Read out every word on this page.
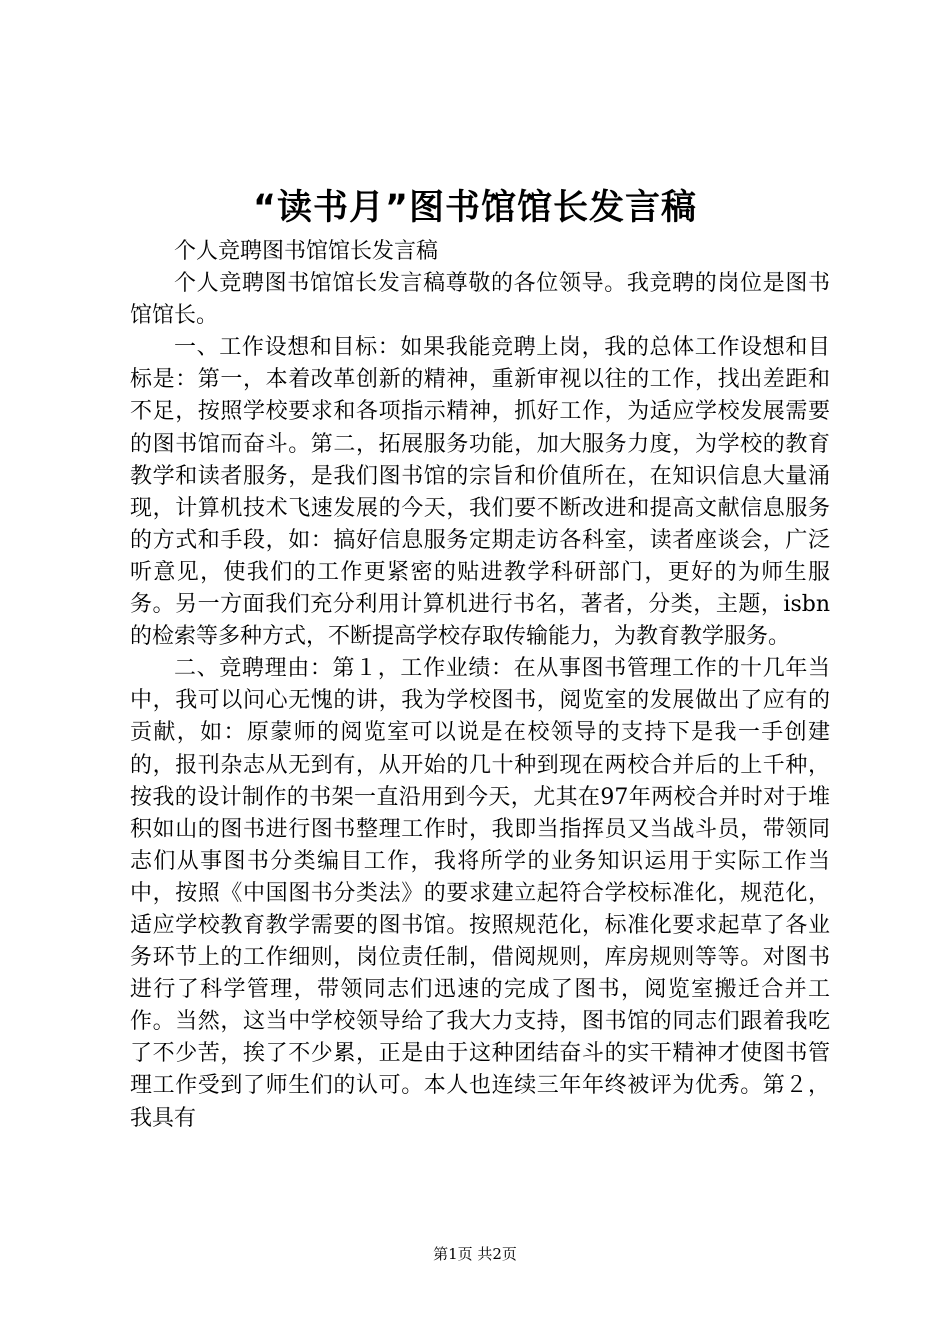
“读书月”图书馆馆长发言稿

个人竞聘图书馆馆长发言稿

个人竞聘图书馆馆长发言稿尊敬的各位领导。我竞聘的岗位是图书馆馆长。

一、工作设想和目标：如果我能竞聘上岗，我的总体工作设想和目标是：第一，本着改革创新的精神，重新审视以往的工作，找出差距和不足，按照学校要求和各项指示精神，抓好工作，为适应学校发展需要的图书馆而奋斗。第二，拓展服务功能，加大服务力度，为学校的教育教学和读者服务，是我们图书馆的宗旨和价值所在，在知识信息大量涌现，计算机技术飞速发展的今天，我们要不断改进和提高文献信息服务的方式和手段，如：搞好信息服务定期走访各科室，读者座谈会，广泛听意见，使我们的工作更紧密的贴进教学科研部门，更好的为师生服务。另一方面我们充分利用计算机进行书名，著者，分类，主题，isbn的检索等多种方式，不断提高学校存取传输能力，为教育教学服务。

二、竞聘理由：第１，工作业绩：在从事图书管理工作的十几年当中，我可以问心无愧的讲，我为学校图书，阅览室的发展做出了应有的贡献，如：原蒙师的阅览室可以说是在校领导的支持下是我一手创建的，报刊杂志从无到有，从开始的几十种到现在两校合并后的上千种，按我的设计制作的书架一直沿用到今天，尤其在97年两校合并时对于堆积如山的图书进行图书整理工作时，我即当指挥员又当战斗员，带领同志们从事图书分类编目工作，我将所学的业务知识运用于实际工作当中，按照《中国图书分类法》的要求建立起符合学校标准化，规范化，适应学校教育教学需要的图书馆。按照规范化，标准化要求起草了各业务环节上的工作细则，岗位责任制，借阅规则，库房规则等等。对图书进行了科学管理，带领同志们迅速的完成了图书，阅览室搬迁合并工作。当然，这当中学校领导给了我大力支持，图书馆的同志们跟着我吃了不少苦，挨了不少累，正是由于这种团结奋斗的实干精神才使图书管理工作受到了师生们的认可。本人也连续三年年终被评为优秀。第２，我具有

第1页 共2页
